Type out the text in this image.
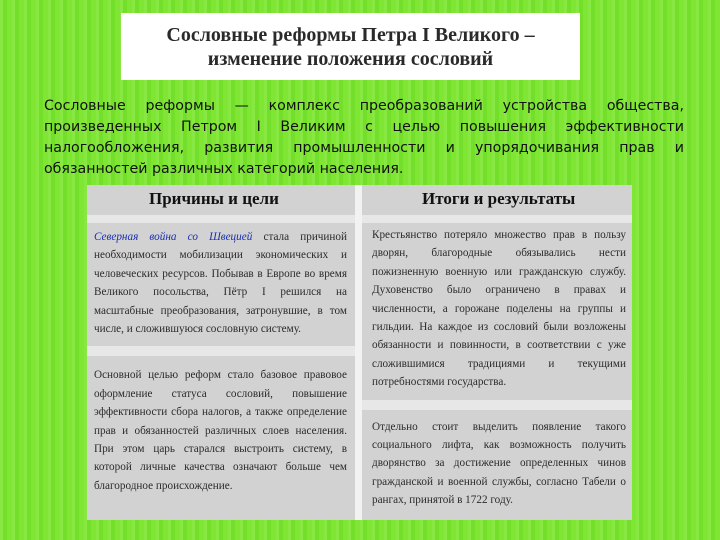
Сословные реформы Петра I Великого –
изменение положения сословий
Сословные реформы — комплекс преобразований устройства общества, произведенных Петром I Великим с целью повышения эффективности налогообложения, развития промышленности и упорядочивания прав и обязанностей различных категорий населения.
Причины и цели
Северная война со Швецией стала причиной необходимости мобилизации экономических и человеческих ресурсов. Побывав в Европе во время Великого посольства, Пётр I решился на масштабные преобразования, затронувшие, в том числе, и сложившуюся сословную систему.
Основной целью реформ стало базовое правовое оформление статуса сословий, повышение эффективности сбора налогов, а также определение прав и обязанностей различных слоев населения. При этом царь старался выстроить систему, в которой личные качества означают больше чем благородное происхождение.
Итоги и результаты
Крестьянство потеряло множество прав в пользу дворян, благородные обязывались нести пожизненную военную или гражданскую службу. Духовенство было ограничено в правах и численности, а горожане поделены на группы и гильдии. На каждое из сословий были возложены обязанности и повинности, в соответствии с уже сложившимися традициями и текущими потребностями государства.
Отдельно стоит выделить появление такого социального лифта, как возможность получить дворянство за достижение определенных чинов гражданской и военной службы, согласно Табели о рангах, принятой в 1722 году.
